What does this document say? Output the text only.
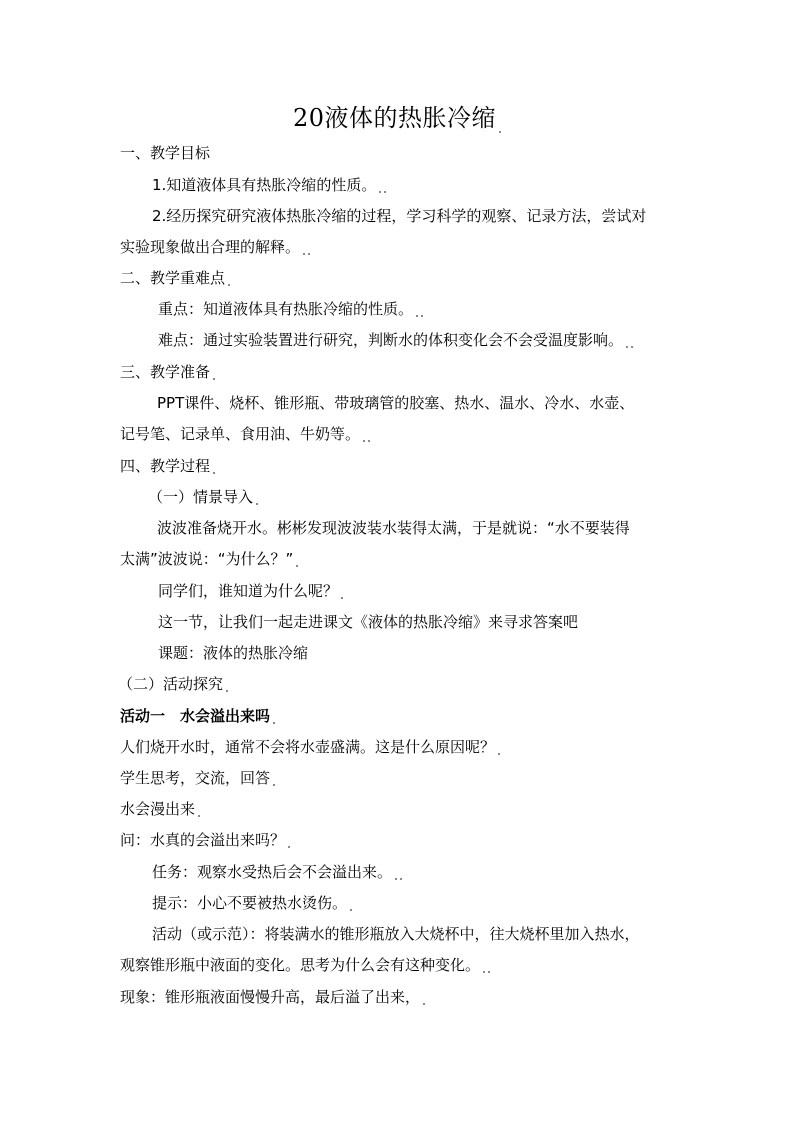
20液体的热胀冷缩
一、教学目标
1.知道液体具有热胀冷缩的性质。
2.经历探究研究液体热胀冷缩的过程，学习科学的观察、记录方法，尝试对
实验现象做出合理的解释。
二、教学重难点
重点：知道液体具有热胀冷缩的性质。
难点：通过实验装置进行研究，判断水的体积变化会不会受温度影响。
三、教学准备
PPT课件、烧杯、锥形瓶、带玻璃管的胶塞、热水、温水、冷水、水壶、
记号笔、记录单、食用油、牛奶等。
四、教学过程
（一）情景导入
波波准备烧开水。彬彬发现波波装水装得太满，于是就说：“水不要装得
太满”波波说：“为什么？”
同学们，谁知道为什么呢？
这一节，让我们一起走进课文《液体的热胀冷缩》来寻求答案吧
课题：液体的热胀冷缩
（二）活动探究
活动一　水会溢出来吗
人们烧开水时，通常不会将水壶盛满。这是什么原因呢？
学生思考，交流，回答
水会漫出来
问：水真的会溢出来吗？
任务：观察水受热后会不会溢出来。
提示：小心不要被热水烫伤。
活动（或示范）：将装满水的锥形瓶放入大烧杯中，往大烧杯里加入热水，
观察锥形瓶中液面的变化。思考为什么会有这种变化。
现象：锥形瓶液面慢慢升高，最后溢了出来，
